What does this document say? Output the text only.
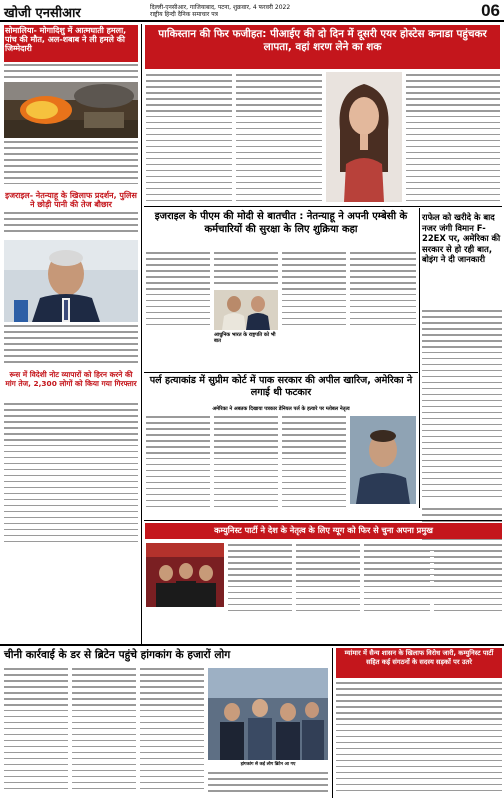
खोजी एनसीआर	दिल्ली-एनसीआर, गाजियाबाद, पटना, शुक्रवार, 4 फरवरी 2022
राष्ट्रीय हिन्दी दैनिक समाचार पत्र	06
सोमालिया- मोगादिशु में आत्मघाती हमला, पांच की मौत, अल-शबाब ने ली हमले की जिम्मेदारी
इजराइल- नेतन्याहू के खिलाफ प्रदर्शन, पुलिस ने छोड़ी पानी की तेज बौछार
रूस में विदेशी नोट व्यापारों को हिरन करने की मांग तेज, 2,300 लोगों को किया गया गिरफ्तार
पाकिस्तान की फिर फजीहत: पीआईए की दो दिन में दूसरी एयर होस्टेस कनाडा पहुंचकर लापता, वहां शरण लेने का शक
इजराइल के पीएम की मोदी से बातचीत : नेतन्याहू ने अपनी एम्बेसी के कर्मचारियों की सुरक्षा के लिए शुक्रिया कहा
आधुनिक भारत के राष्ट्रपति को भी बात
राफेल को खरीदे के बाद नजर जंगी विमान F-22EX पर, अमेरिका की सरकार से हो रही बात, बोइंग ने दी जानकारी
पर्ल हत्याकांड में सुप्रीम कोर्ट में पाक सरकार की अपील खारिज, अमेरिका ने लगाई थी फटकार
अमेरिका ने अबतक दिखाया पत्रकार डेनियल पर्ल के हत्यारे पर ग्लोबल नेतृत्व
कम्युनिस्ट पार्टी ने देश के नेतृत्व के लिए ग्यूग को फिर से चुना अपना प्रमुख
चीनी कार्रवाई के डर से ब्रिटेन पहुंचे हांगकांग के हजारों लोग
हांगकांग से कई लोग ब्रिटेन आ गए
म्यांमार में सैन्य शासन के खिलाफ विरोध जारी, कम्युनिस्ट पार्टी सहित कई संगठनों के सदस्य सड़कों पर उतरे
